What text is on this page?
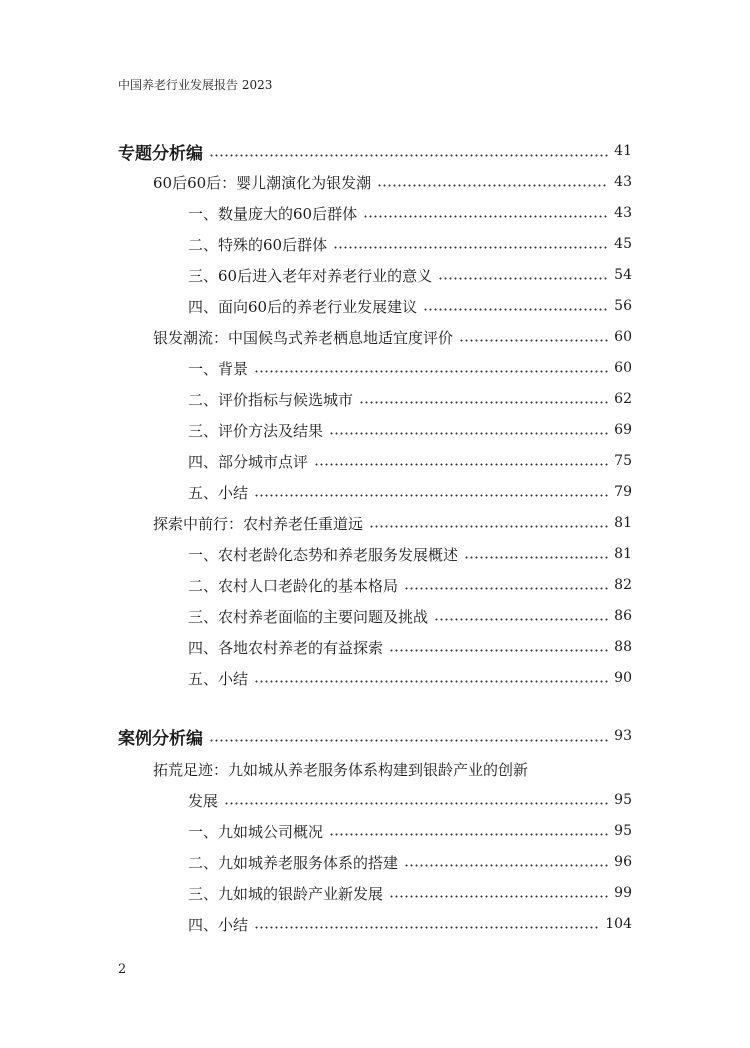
中国养老行业发展报告 2023
专题分析编	41
60后60后：婴儿潮演化为银发潮	43
一、数量庞大的60后群体	43
二、特殊的60后群体	45
三、60后进入老年对养老行业的意义	54
四、面向60后的养老行业发展建议	56
银发潮流：中国候鸟式养老栖息地适宜度评价	60
一、背景	60
二、评价指标与候选城市	62
三、评价方法及结果	69
四、部分城市点评	75
五、小结	79
探索中前行：农村养老任重道远	81
一、农村老龄化态势和养老服务发展概述	81
二、农村人口老龄化的基本格局	82
三、农村养老面临的主要问题及挑战	86
四、各地农村养老的有益探索	88
五、小结	90
案例分析编	93
拓荒足迹：九如城从养老服务体系构建到银龄产业的创新
发展	95
一、九如城公司概况	95
二、九如城养老服务体系的搭建	96
三、九如城的银龄产业新发展	99
四、小结	104
2
